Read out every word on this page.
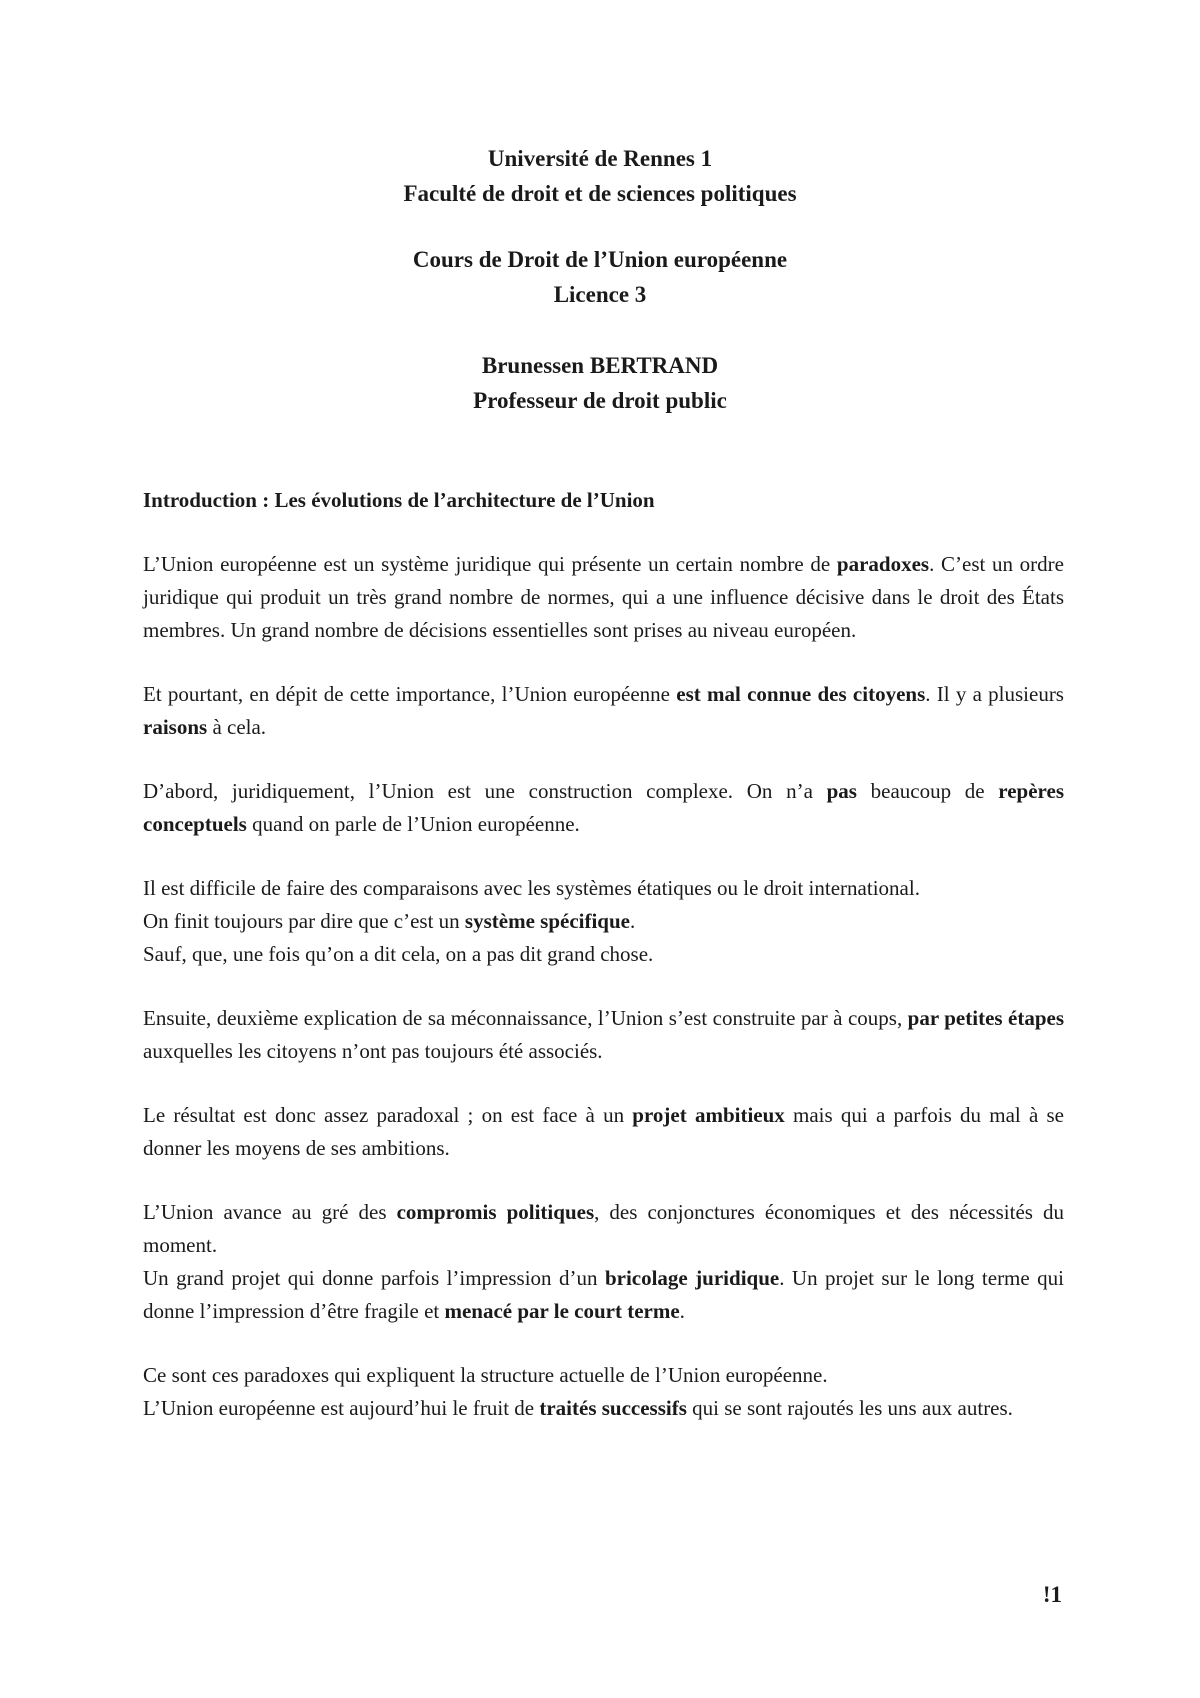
Université de Rennes 1
Faculté de droit et de sciences politiques
Cours de Droit de l’Union européenne
Licence 3
Brunessen BERTRAND
Professeur de droit public
Introduction : Les évolutions de l’architecture de l’Union

L’Union européenne est un système juridique qui présente un certain nombre de paradoxes. C’est un ordre juridique qui produit un très grand nombre de normes, qui a une influence décisive dans le droit des États membres. Un grand nombre de décisions essentielles sont prises au niveau européen.

Et pourtant, en dépit de cette importance, l’Union européenne est mal connue des citoyens. Il y a plusieurs raisons à cela.

D’abord, juridiquement, l’Union est une construction complexe. On n’a pas beaucoup de repères conceptuels quand on parle de l’Union européenne.

Il est difficile de faire des comparaisons avec les systèmes étatiques ou le droit international.
On finit toujours par dire que c’est un système spécifique.
Sauf, que, une fois qu’on a dit cela, on a pas dit grand chose.

Ensuite, deuxième explication de sa méconnaissance, l’Union s’est construite par à coups, par petites étapes auxquelles les citoyens n’ont pas toujours été associés.

Le résultat est donc assez paradoxal ; on est face à un projet ambitieux mais qui a parfois du mal à se donner les moyens de ses ambitions.

L’Union avance au gré des compromis politiques, des conjonctures économiques et des nécessités du moment.
Un grand projet qui donne parfois l’impression d’un bricolage juridique. Un projet sur le long terme qui donne l’impression d’être fragile et menacé par le court terme.

Ce sont ces paradoxes qui expliquent la structure actuelle de l’Union européenne.
L’Union européenne est aujourd’hui le fruit de traités successifs qui se sont rajoutés les uns aux autres.

!1
